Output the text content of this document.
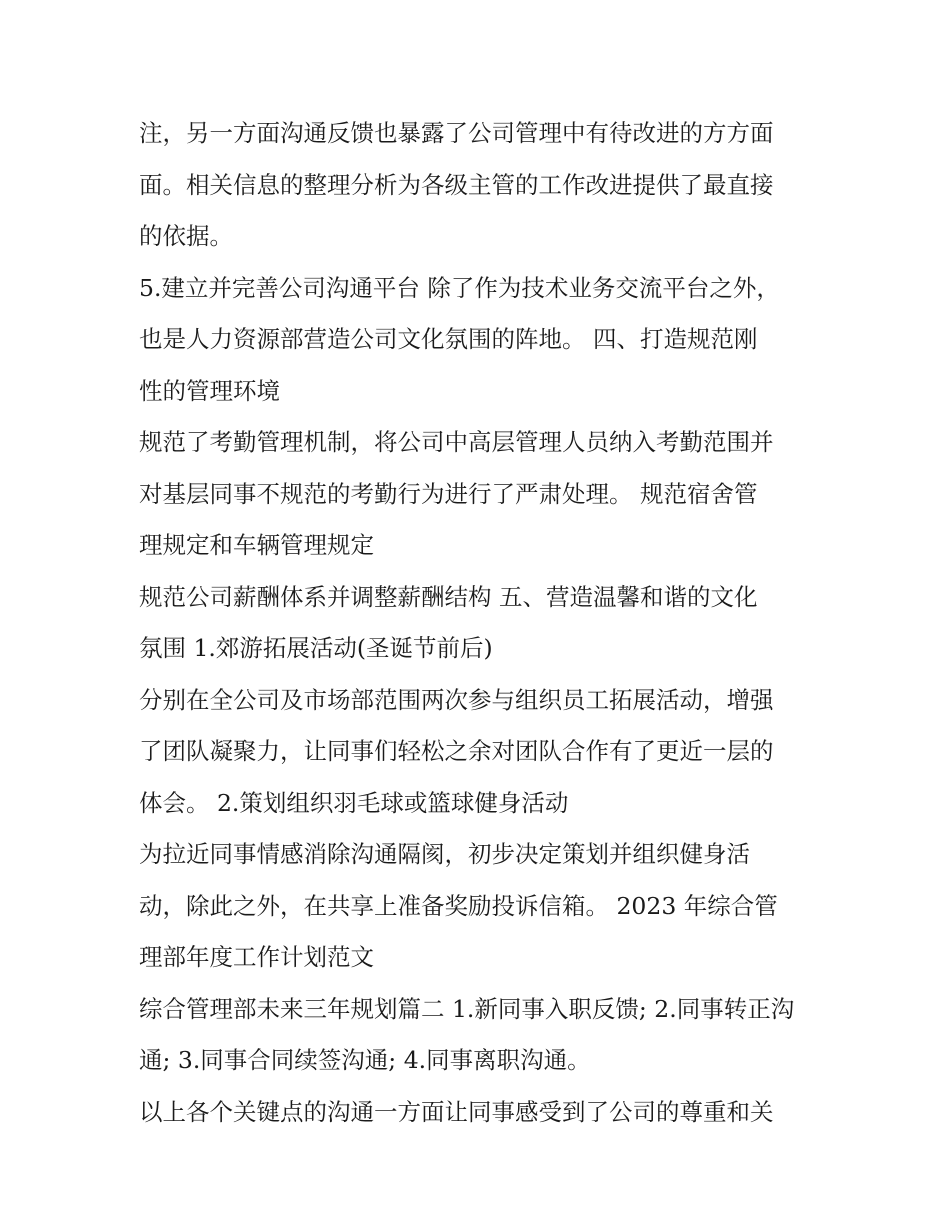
注，另一方面沟通反馈也暴露了公司管理中有待改进的方方面
面。相关信息的整理分析为各级主管的工作改进提供了最直接
的依据。
5.建立并完善公司沟通平台 除了作为技术业务交流平台之外，
也是人力资源部营造公司文化氛围的阵地。 四、打造规范刚
性的管理环境
规范了考勤管理机制，将公司中高层管理人员纳入考勤范围并
对基层同事不规范的考勤行为进行了严肃处理。 规范宿舍管
理规定和车辆管理规定
规范公司薪酬体系并调整薪酬结构 五、营造温馨和谐的文化
氛围 1.郊游拓展活动(圣诞节前后)
分别在全公司及市场部范围两次参与组织员工拓展活动，增强
了团队凝聚力，让同事们轻松之余对团队合作有了更近一层的
体会。 2.策划组织羽毛球或篮球健身活动
为拉近同事情感消除沟通隔阂，初步决定策划并组织健身活
动，除此之外，在共享上准备奖励投诉信箱。 2023 年综合管
理部年度工作计划范文
综合管理部未来三年规划篇二 1.新同事入职反馈; 2.同事转正沟
通; 3.同事合同续签沟通; 4.同事离职沟通。
以上各个关键点的沟通一方面让同事感受到了公司的尊重和关
